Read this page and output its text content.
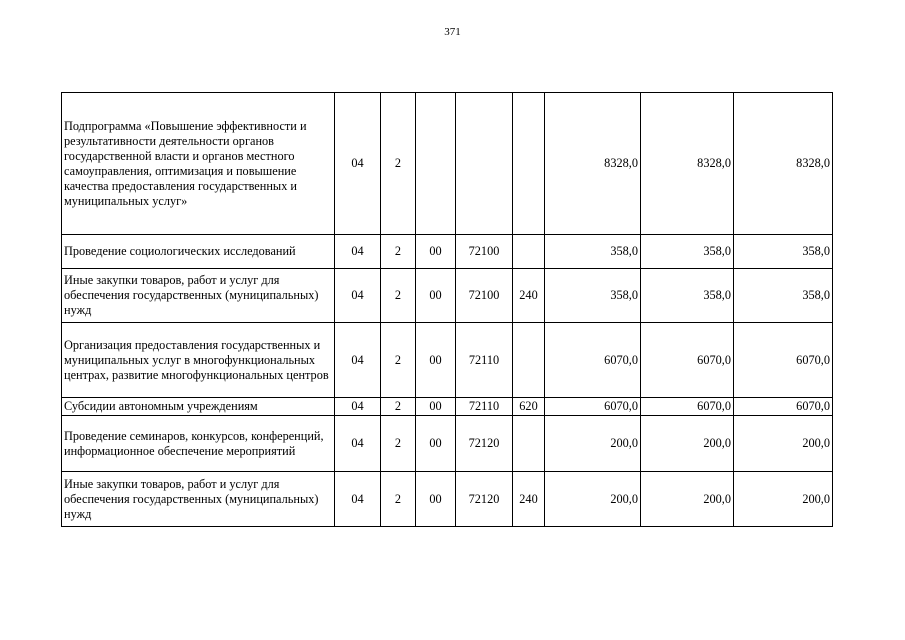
371
Подпрограмма «Повышение эффективности и результативности деятельности органов государственной власти и органов местного самоуправления, оптимизация и повышение качества предоставления государственных и муниципальных услуг»	04	2				8328,0	8328,0	8328,0
Проведение социологических исследований	04	2	00	72100		358,0	358,0	358,0
Иные закупки товаров, работ и услуг для обеспечения государственных (муниципальных) нужд	04	2	00	72100	240	358,0	358,0	358,0
Организация предоставления государственных и муниципальных услуг в многофункциональных центрах, развитие многофункциональных центров	04	2	00	72110		6070,0	6070,0	6070,0
Субсидии автономным учреждениям	04	2	00	72110	620	6070,0	6070,0	6070,0
Проведение семинаров, конкурсов, конференций, информационное обеспечение мероприятий	04	2	00	72120		200,0	200,0	200,0
Иные закупки товаров, работ и услуг для обеспечения государственных (муниципальных) нужд	04	2	00	72120	240	200,0	200,0	200,0
